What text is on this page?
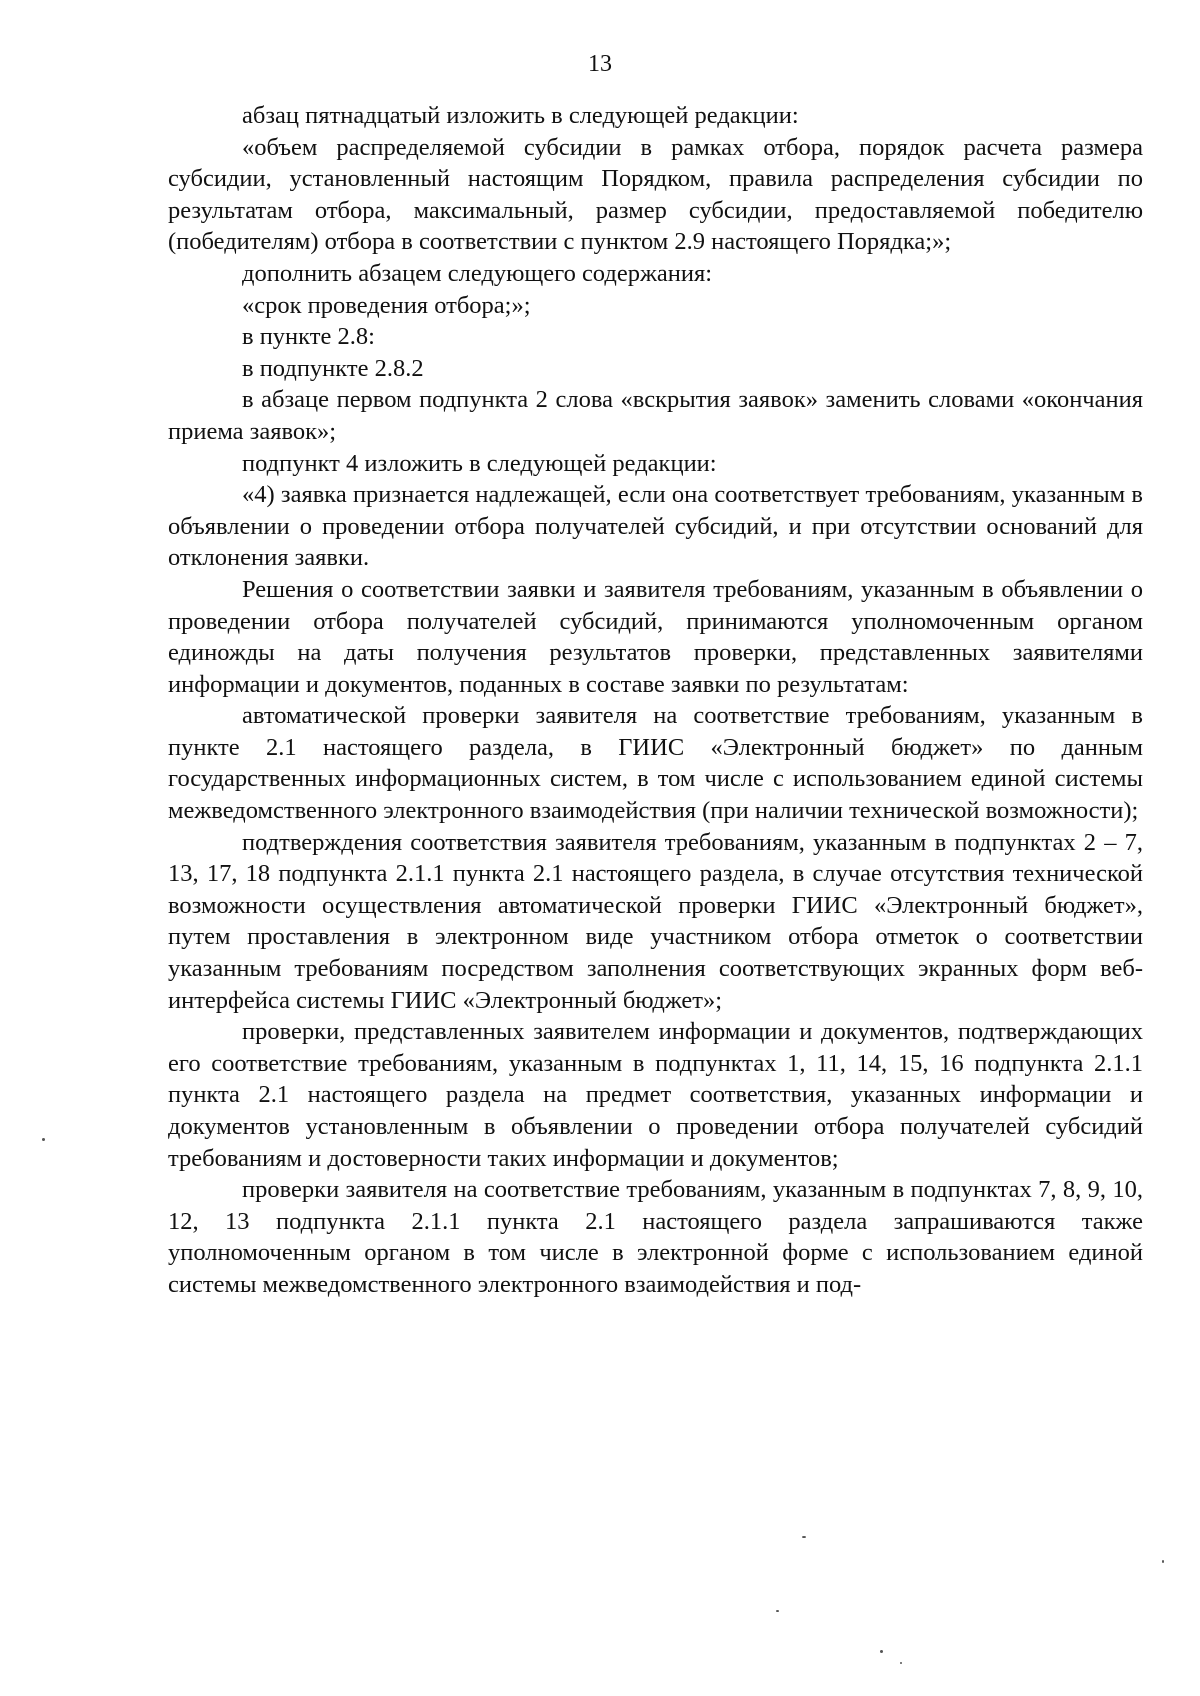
13

абзац пятнадцатый изложить в следующей редакции:

«объем распределяемой субсидии в рамках отбора, порядок расчета размера субсидии, установленный настоящим Порядком, правила распределения субсидии по результатам отбора, максимальный, размер субсидии, предоставляемой победителю (победителям) отбора в соответствии с пунктом 2.9 настоящего Порядка;»;

дополнить абзацем следующего содержания:

«срок проведения отбора;»;

в пункте 2.8:

в подпункте 2.8.2

в абзаце первом подпункта 2 слова «вскрытия заявок» заменить словами «окончания приема заявок»;

подпункт 4 изложить в следующей редакции:

«4) заявка признается надлежащей, если она соответствует требованиям, указанным в объявлении о проведении отбора получателей субсидий, и при отсутствии оснований для отклонения заявки.

Решения о соответствии заявки и заявителя требованиям, указанным в объявлении о проведении отбора получателей субсидий, принимаются уполномоченным органом единожды на даты получения результатов проверки, представленных заявителями информации и документов, поданных в составе заявки по результатам:

автоматической проверки заявителя на соответствие требованиям, указанным в пункте 2.1 настоящего раздела, в ГИИС «Электронный бюджет» по данным государственных информационных систем, в том числе с использованием единой системы межведомственного электронного взаимодействия (при наличии технической возможности);

подтверждения соответствия заявителя требованиям, указанным в подпунктах 2 – 7, 13, 17, 18 подпункта 2.1.1 пункта 2.1 настоящего раздела, в случае отсутствия технической возможности осуществления автоматической проверки ГИИС «Электронный бюджет», путем проставления в электронном виде участником отбора отметок о соответствии указанным требованиям посредством заполнения соответствующих экранных форм веб-интерфейса системы ГИИС «Электронный бюджет»;

проверки, представленных заявителем информации и документов, подтверждающих его соответствие требованиям, указанным в подпунктах 1, 11, 14, 15, 16 подпункта 2.1.1 пункта 2.1 настоящего раздела на предмет соответствия, указанных информации и документов установленным в объявлении о проведении отбора получателей субсидий требованиям и достоверности таких информации и документов;

проверки заявителя на соответствие требованиям, указанным в подпунктах 7, 8, 9, 10, 12, 13 подпункта 2.1.1 пункта 2.1 настоящего раздела запрашиваются также уполномоченным органом в том числе в электронной форме с использованием единой системы межведомственного электронного взаимодействия и под-
